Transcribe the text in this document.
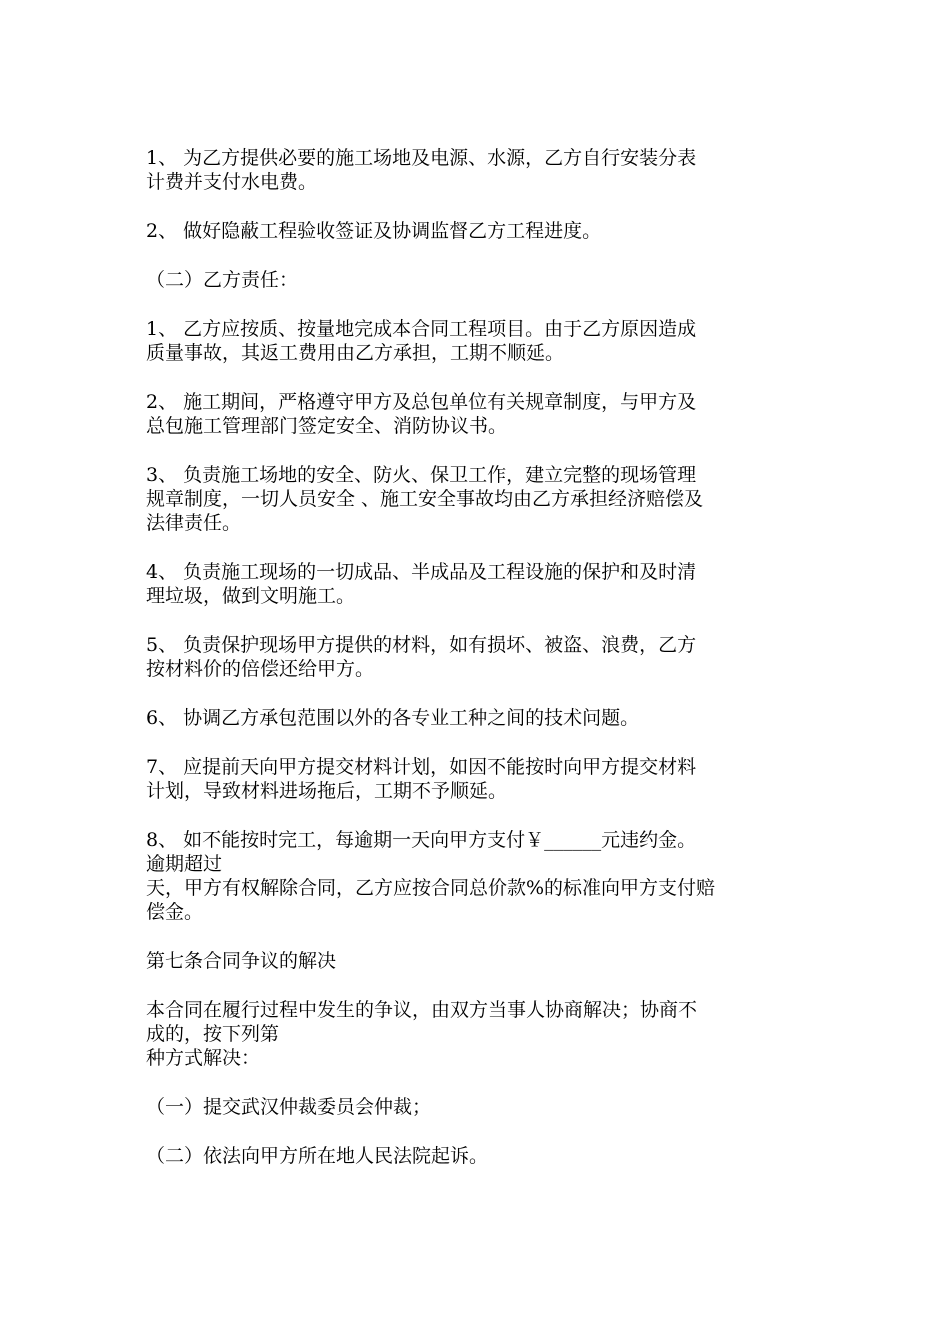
1、 为乙方提供必要的施工场地及电源、水源，乙方自行安装分表
计费并支付水电费。
2、 做好隐蔽工程验收签证及协调监督乙方工程进度。
（二）乙方责任：
1、 乙方应按质、按量地完成本合同工程项目。由于乙方原因造成
质量事故，其返工费用由乙方承担，工期不顺延。
2、 施工期间，严格遵守甲方及总包单位有关规章制度，与甲方及
总包施工管理部门签定安全、消防协议书。
3、 负责施工场地的安全、防火、保卫工作，建立完整的现场管理
规章制度，一切人员安全 、施工安全事故均由乙方承担经济赔偿及
法律责任。
4、 负责施工现场的一切成品、半成品及工程设施的保护和及时清
理垃圾，做到文明施工。
5、 负责保护现场甲方提供的材料，如有损坏、被盗、浪费，乙方
按材料价的倍偿还给甲方。
6、 协调乙方承包范围以外的各专业工种之间的技术问题。
7、 应提前天向甲方提交材料计划，如因不能按时向甲方提交材料
计划，导致材料进场拖后，工期不予顺延。
8、 如不能按时完工，每逾期一天向甲方支付￥______元违约金。
逾期超过
天，甲方有权解除合同，乙方应按合同总价款%的标准向甲方支付赔
偿金。
第七条合同争议的解决
本合同在履行过程中发生的争议，由双方当事人协商解决；协商不
成的，按下列第
种方式解决：
（一）提交武汉仲裁委员会仲裁；
（二）依法向甲方所在地人民法院起诉。
